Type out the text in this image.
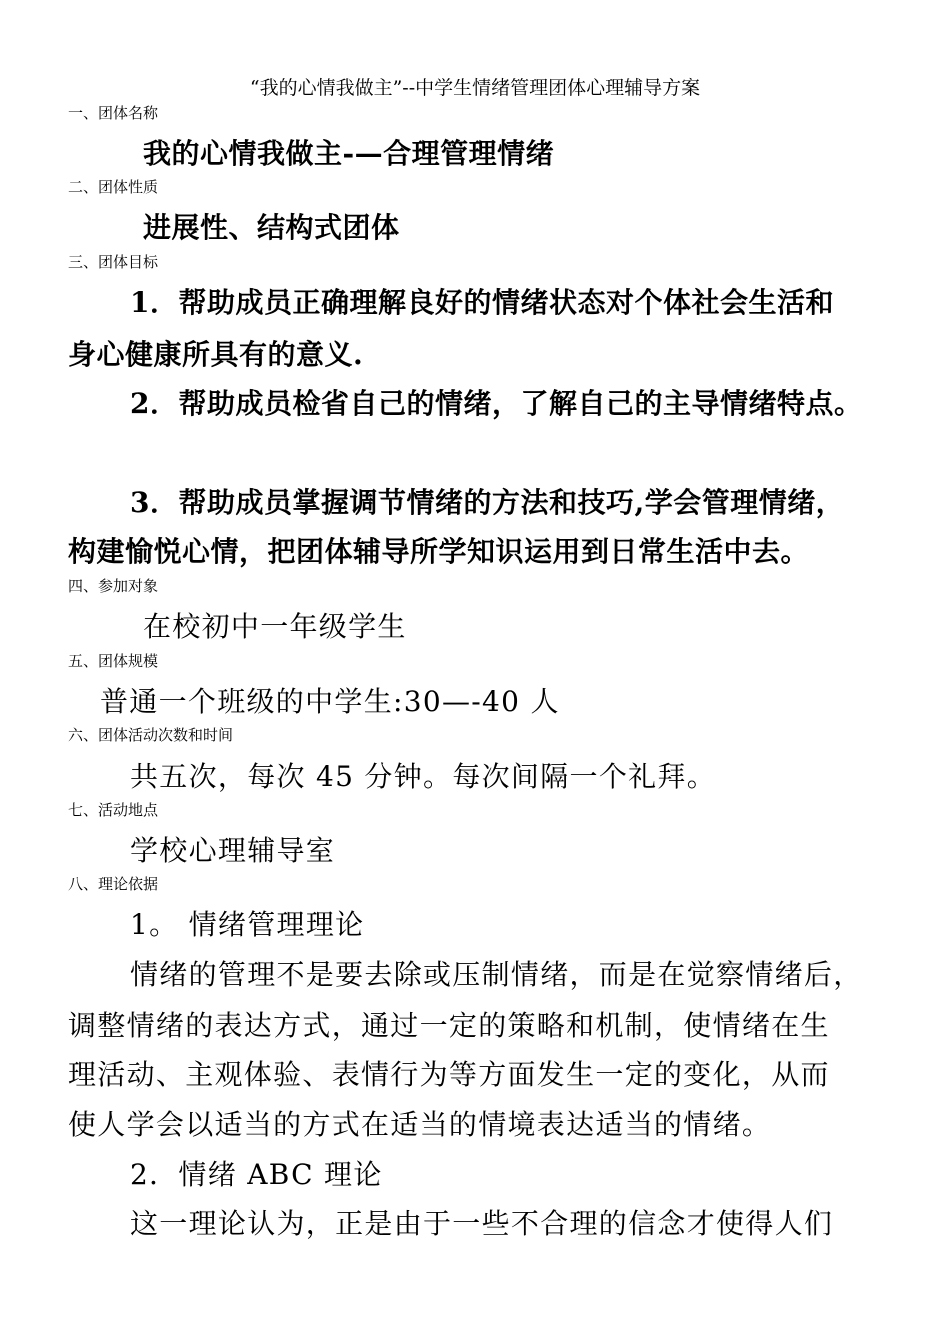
“我的心情我做主”--中学生情绪管理团体心理辅导方案
一、团体名称
我的心情我做主-—合理管理情绪
二、团体性质
进展性、结构式团体
三、团体目标
1．帮助成员正确理解良好的情绪状态对个体社会生活和
身心健康所具有的意义.
2．帮助成员检省自己的情绪，了解自己的主导情绪特点。
3．帮助成员掌握调节情绪的方法和技巧,学会管理情绪，
构建愉悦心情，把团体辅导所学知识运用到日常生活中去。
四、参加对象
在校初中一年级学生
五、团体规模
普通一个班级的中学生:30—-40 人
六、团体活动次数和时间
共五次，每次 45 分钟。每次间隔一个礼拜。
七、活动地点
学校心理辅导室
八、理论依据
1。 情绪管理理论
情绪的管理不是要去除或压制情绪，而是在觉察情绪后，
调整情绪的表达方式，通过一定的策略和机制，使情绪在生
理活动、主观体验、表情行为等方面发生一定的变化，从而
使人学会以适当的方式在适当的情境表达适当的情绪。
2．情绪 ABC 理论
这一理论认为，正是由于一些不合理的信念才使得人们
